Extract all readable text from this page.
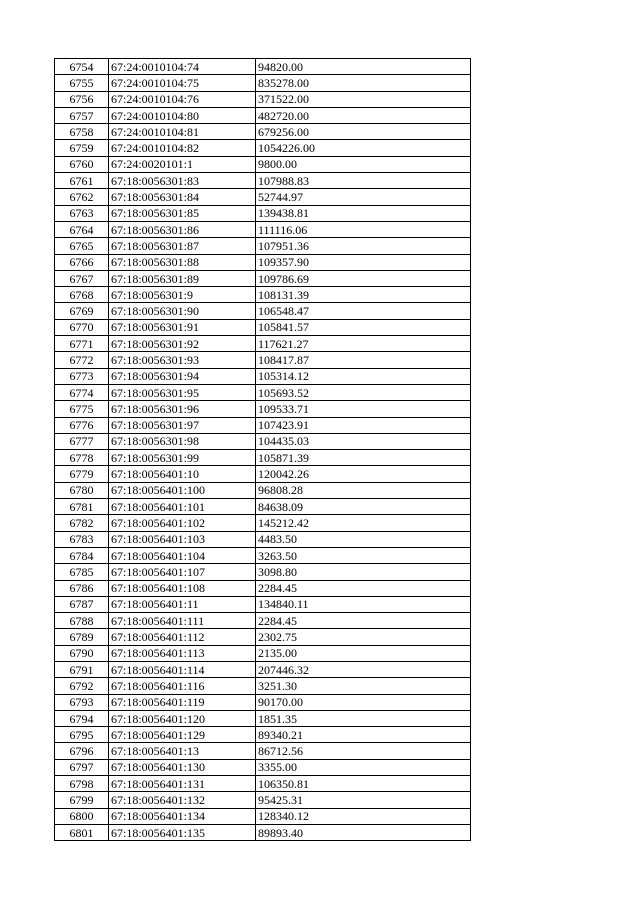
6754	67:24:0010104:74	94820.00
6755	67:24:0010104:75	835278.00
6756	67:24:0010104:76	371522.00
6757	67:24:0010104:80	482720.00
6758	67:24:0010104:81	679256.00
6759	67:24:0010104:82	1054226.00
6760	67:24:0020101:1	9800.00
6761	67:18:0056301:83	107988.83
6762	67:18:0056301:84	52744.97
6763	67:18:0056301:85	139438.81
6764	67:18:0056301:86	111116.06
6765	67:18:0056301:87	107951.36
6766	67:18:0056301:88	109357.90
6767	67:18:0056301:89	109786.69
6768	67:18:0056301:9	108131.39
6769	67:18:0056301:90	106548.47
6770	67:18:0056301:91	105841.57
6771	67:18:0056301:92	117621.27
6772	67:18:0056301:93	108417.87
6773	67:18:0056301:94	105314.12
6774	67:18:0056301:95	105693.52
6775	67:18:0056301:96	109533.71
6776	67:18:0056301:97	107423.91
6777	67:18:0056301:98	104435.03
6778	67:18:0056301:99	105871.39
6779	67:18:0056401:10	120042.26
6780	67:18:0056401:100	96808.28
6781	67:18:0056401:101	84638.09
6782	67:18:0056401:102	145212.42
6783	67:18:0056401:103	4483.50
6784	67:18:0056401:104	3263.50
6785	67:18:0056401:107	3098.80
6786	67:18:0056401:108	2284.45
6787	67:18:0056401:11	134840.11
6788	67:18:0056401:111	2284.45
6789	67:18:0056401:112	2302.75
6790	67:18:0056401:113	2135.00
6791	67:18:0056401:114	207446.32
6792	67:18:0056401:116	3251.30
6793	67:18:0056401:119	90170.00
6794	67:18:0056401:120	1851.35
6795	67:18:0056401:129	89340.21
6796	67:18:0056401:13	86712.56
6797	67:18:0056401:130	3355.00
6798	67:18:0056401:131	106350.81
6799	67:18:0056401:132	95425.31
6800	67:18:0056401:134	128340.12
6801	67:18:0056401:135	89893.40
